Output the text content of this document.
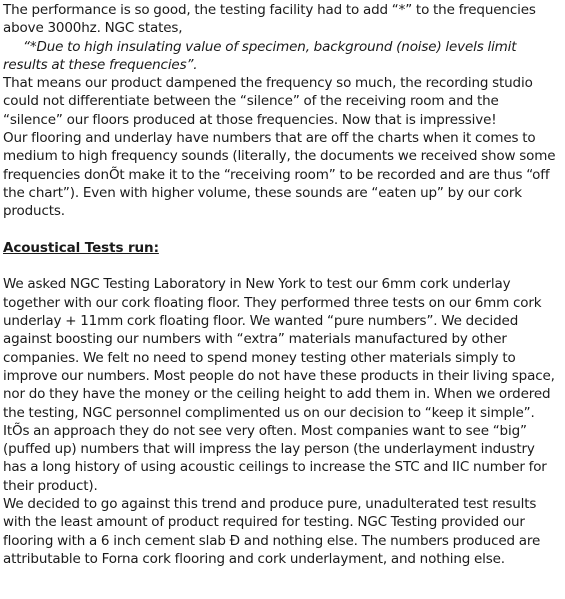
The performance is so good, the testing facility had to add “*” to the frequencies above 3000hz. NGC states,

“*Due to high insulating value of specimen, background (noise) levels limit results at these frequencies”.

That means our product dampened the frequency so much, the recording studio could not differentiate between the “silence” of the receiving room and the “silence” our floors produced at those frequencies. Now that is impressive!

Our flooring and underlay have numbers that are off the charts when it comes to medium to high frequency sounds (literally, the documents we received show some frequencies donÕt make it to the “receiving room” to be recorded and are thus “off the chart”). Even with higher volume, these sounds are “eaten up” by our cork products.

Acoustical Tests run:

We asked NGC Testing Laboratory in New York to test our 6mm cork underlay together with our cork floating floor. They performed three tests on our 6mm cork underlay + 11mm cork floating floor. We wanted “pure numbers”. We decided against boosting our numbers with “extra” materials manufactured by other companies. We felt no need to spend money testing other materials simply to improve our numbers. Most people do not have these products in their living space, nor do they have the money or the ceiling height to add them in. When we ordered the testing, NGC personnel complimented us on our decision to “keep it simple”. ItÕs an approach they do not see very often. Most companies want to see “big” (puffed up) numbers that will impress the lay person (the underlayment industry has a long history of using acoustic ceilings to increase the STC and IIC number for their product).

We decided to go against this trend and produce pure, unadulterated test results with the least amount of product required for testing. NGC Testing provided our flooring with a 6 inch cement slab Ð and nothing else. The numbers produced are attributable to Forna cork flooring and cork underlayment, and nothing else.
